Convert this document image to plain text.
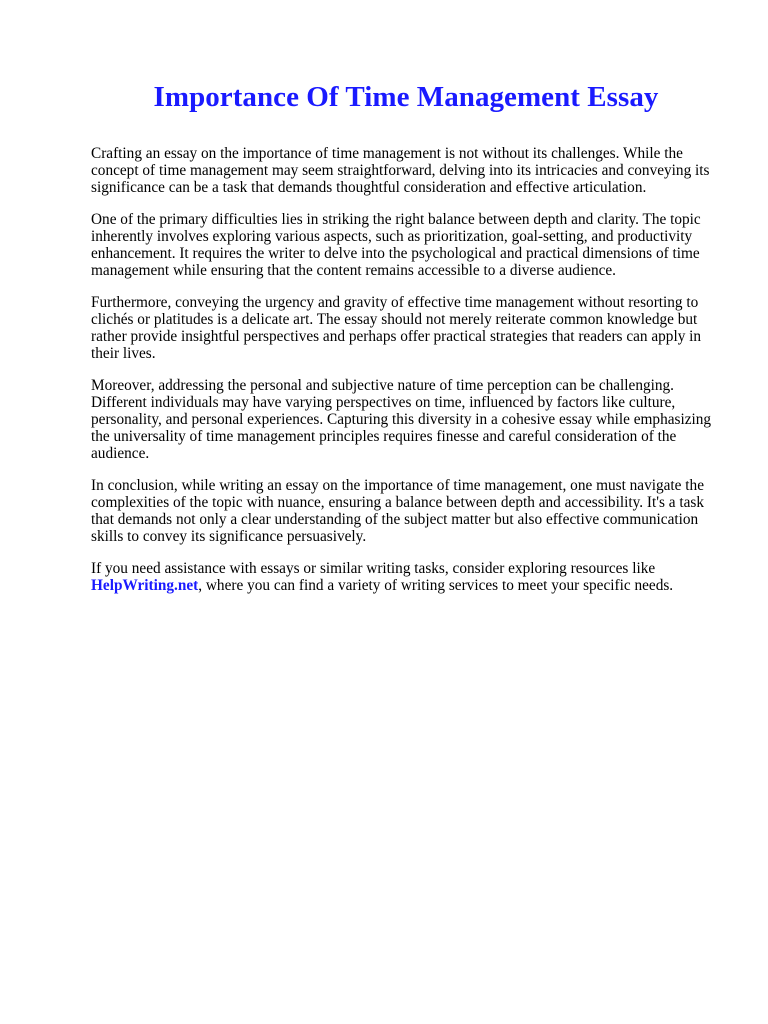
Importance Of Time Management Essay

Crafting an essay on the importance of time management is not without its challenges. While the concept of time management may seem straightforward, delving into its intricacies and conveying its significance can be a task that demands thoughtful consideration and effective articulation.

One of the primary difficulties lies in striking the right balance between depth and clarity. The topic inherently involves exploring various aspects, such as prioritization, goal-setting, and productivity enhancement. It requires the writer to delve into the psychological and practical dimensions of time management while ensuring that the content remains accessible to a diverse audience.

Furthermore, conveying the urgency and gravity of effective time management without resorting to clichés or platitudes is a delicate art. The essay should not merely reiterate common knowledge but rather provide insightful perspectives and perhaps offer practical strategies that readers can apply in their lives.

Moreover, addressing the personal and subjective nature of time perception can be challenging. Different individuals may have varying perspectives on time, influenced by factors like culture, personality, and personal experiences. Capturing this diversity in a cohesive essay while emphasizing the universality of time management principles requires finesse and careful consideration of the audience.

In conclusion, while writing an essay on the importance of time management, one must navigate the complexities of the topic with nuance, ensuring a balance between depth and accessibility. It's a task that demands not only a clear understanding of the subject matter but also effective communication skills to convey its significance persuasively.

If you need assistance with essays or similar writing tasks, consider exploring resources like HelpWriting.net, where you can find a variety of writing services to meet your specific needs.
